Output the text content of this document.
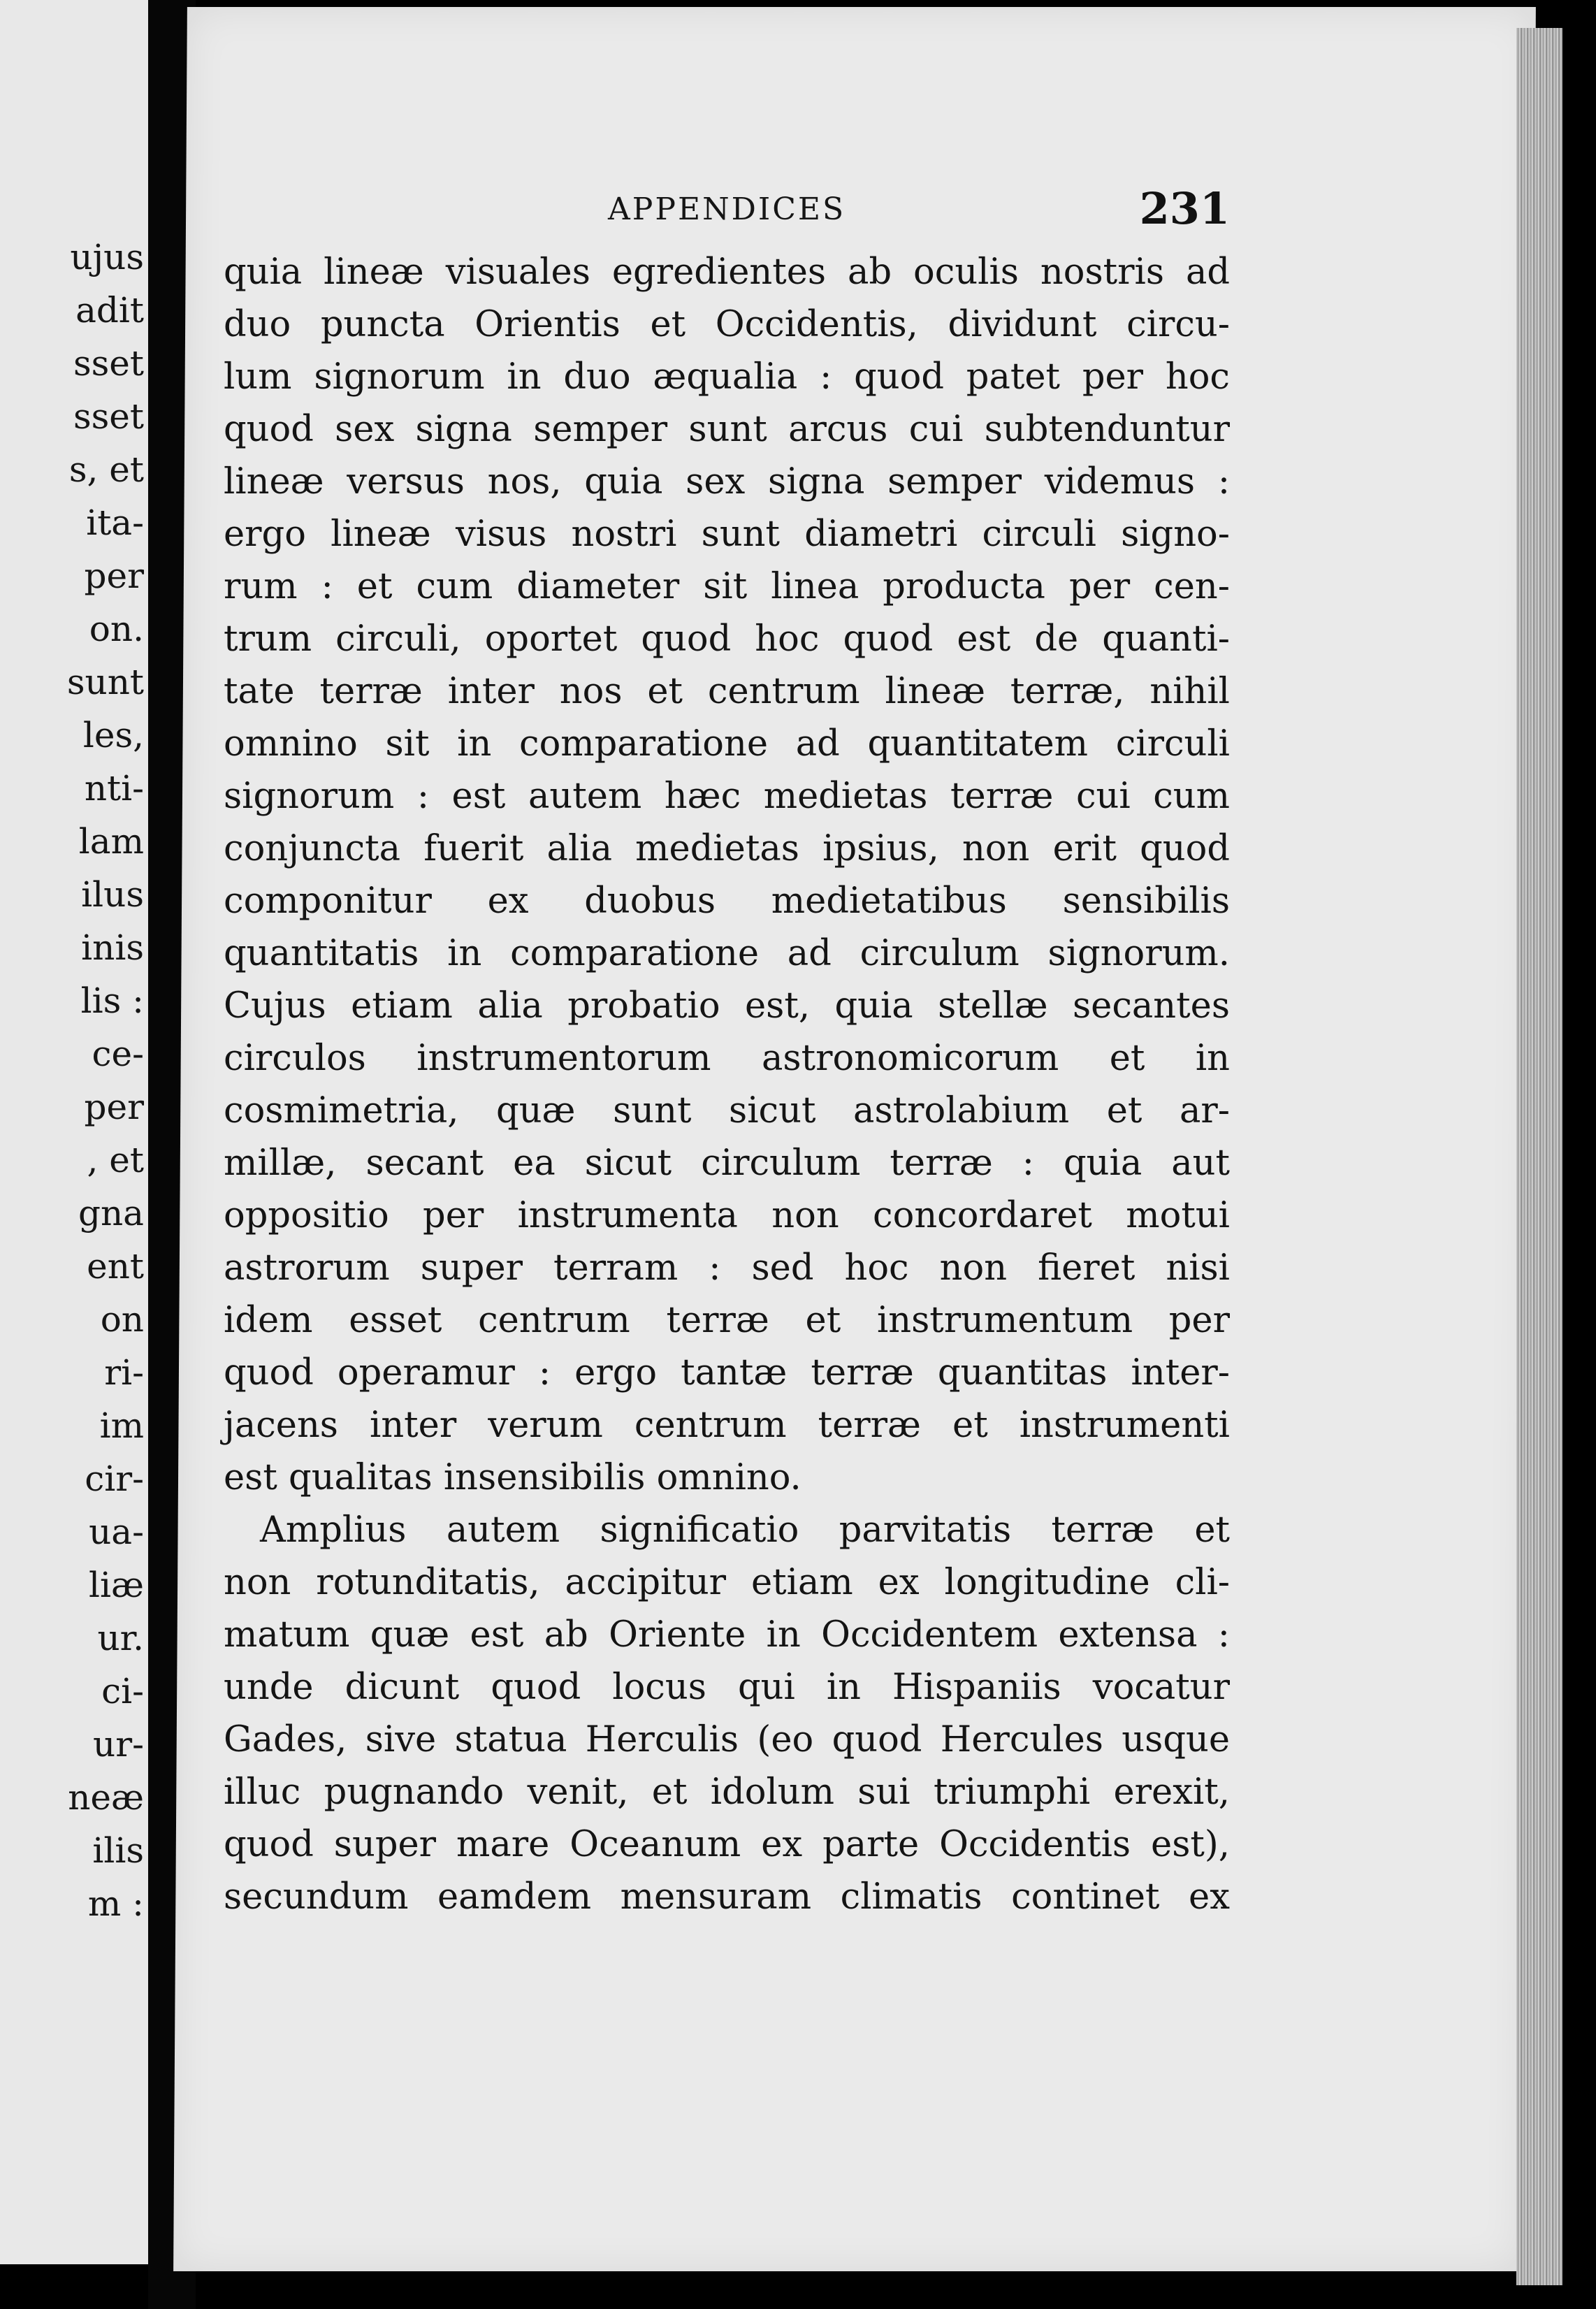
ujus
adit
sset
sset
s, et
ita-
per
on.
sunt
les,
nti-
lam
ilus
inis
lis :
ce-
per
, et
gna
ent
on
ri-
im
cir-
ua-
liæ
ur.
ci-
ur-
neæ
ilis
m :
APPENDICES	231
quia lineæ visuales egredientes ab oculis nostris ad
duo puncta Orientis et Occidentis, dividunt circu-
lum signorum in duo æqualia : quod patet per hoc
quod sex signa semper sunt arcus cui subtenduntur
lineæ versus nos, quia sex signa semper videmus :
ergo lineæ visus nostri sunt diametri circuli signo-
rum : et cum diameter sit linea producta per cen-
trum circuli, oportet quod hoc quod est de quanti-
tate terræ inter nos et centrum lineæ terræ, nihil
omnino sit in comparatione ad quantitatem circuli
signorum : est autem hæc medietas terræ cui cum
conjuncta fuerit alia medietas ipsius, non erit quod
componitur ex duobus medietatibus sensibilis
quantitatis in comparatione ad circulum signorum.
Cujus etiam alia probatio est, quia stellæ secantes
circulos instrumentorum astronomicorum et in
cosmimetria, quæ sunt sicut astrolabium et ar-
millæ, secant ea sicut circulum terræ : quia aut
oppositio per instrumenta non concordaret motui
astrorum super terram : sed hoc non fieret nisi
idem esset centrum terræ et instrumentum per
quod operamur : ergo tantæ terræ quantitas inter-
jacens inter verum centrum terræ et instrumenti
est qualitas insensibilis omnino.
Amplius autem significatio parvitatis terræ et
non rotunditatis, accipitur etiam ex longitudine cli-
matum quæ est ab Oriente in Occidentem extensa :
unde dicunt quod locus qui in Hispaniis vocatur
Gades, sive statua Herculis (eo quod Hercules usque
illuc pugnando venit, et idolum sui triumphi erexit,
quod super mare Oceanum ex parte Occidentis est),
secundum eamdem mensuram climatis continet ex
